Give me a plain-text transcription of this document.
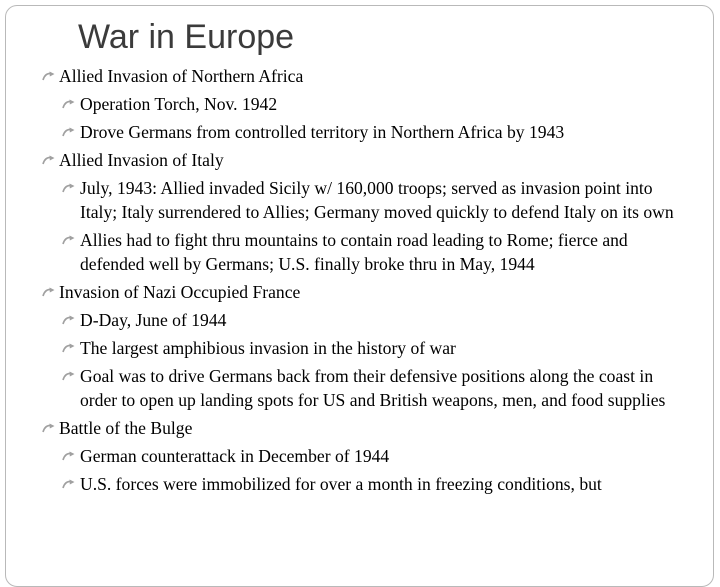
War in Europe
Allied Invasion of Northern Africa
Operation Torch, Nov. 1942
Drove Germans from controlled territory in Northern Africa by 1943
Allied Invasion of Italy
July, 1943: Allied invaded Sicily w/ 160,000 troops; served as invasion point into Italy; Italy surrendered to Allies; Germany moved quickly to defend Italy on its own
Allies had to fight thru mountains to contain road leading to Rome; fierce and defended well by Germans; U.S. finally broke thru in May, 1944
Invasion of Nazi Occupied France
D-Day, June of 1944
The largest amphibious invasion in the history of war
Goal was to drive Germans back from their defensive positions along the coast in order to open up landing spots for US and British weapons, men, and food supplies
Battle of the Bulge
German counterattack in December of 1944
U.S. forces were immobilized for over a month in freezing conditions, but
